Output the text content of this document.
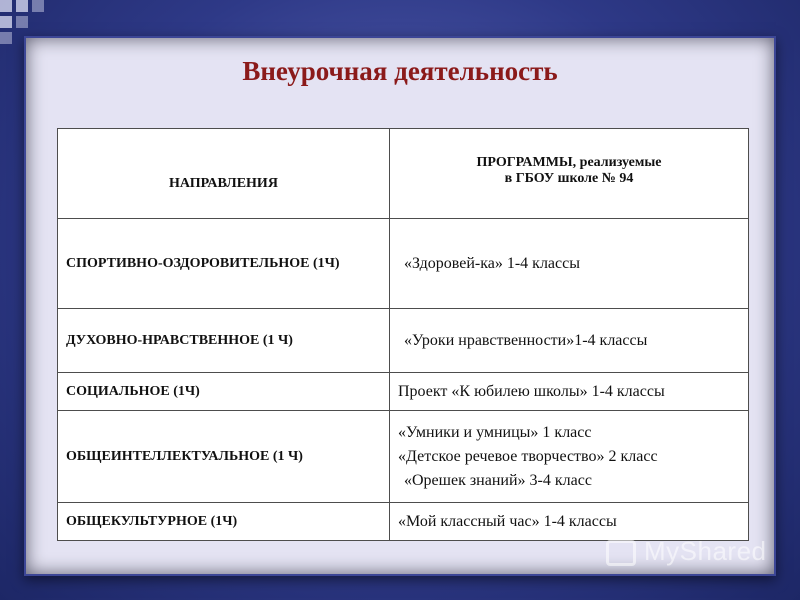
Внеурочная деятельность
НАПРАВЛЕНИЯ	ПРОГРАММЫ, реализуемые
в ГБОУ школе № 94

СПОРТИВНО-ОЗДОРОВИТЕЛЬНОЕ (1Ч)	«Здоровей-ка» 1-4 классы

ДУХОВНО-НРАВСТВЕННОЕ (1 Ч)	«Уроки нравственности»1-4 классы

СОЦИАЛЬНОЕ (1Ч)	Проект «К юбилею школы» 1-4 классы

ОБЩЕИНТЕЛЛЕКТУАЛЬНОЕ (1 Ч)	«Умники и умницы» 1 класс
«Детское речевое творчество» 2 класс
«Орешек знаний» 3-4 класс

ОБЩЕКУЛЬТУРНОЕ (1Ч)	«Мой классный час» 1-4 классы
MyShared
